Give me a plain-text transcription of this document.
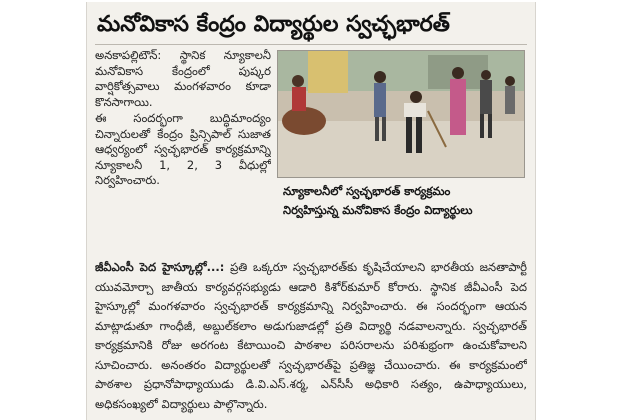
మనోవికాస కేంద్రం విద్యార్థుల స్వచ్ఛభారత్

అనకాపల్లిటౌన్: స్థానిక న్యూకాలనీ మనోవికాస కేంద్రంలో పుష్కర వార్షికోత్సవాలు మంగళవారం కూడా కొనసాగాయి.

ఈ సందర్భంగా బుద్ధిమాంద్యం చిన్నారులతో కేంద్రం ప్రిన్సిపాల్ సుజాత ఆధ్వర్యంలో స్వచ్ఛభారత్ కార్యక్రమాన్ని న్యూకాలనీ 1, 2, 3 వీధుల్లో నిర్వహించారు.

న్యూకాలనీలో స్వచ్ఛభారత్ కార్యక్రమం
నిర్వహిస్తున్న మనోవికాస కేంద్రం విద్యార్థులు
జీవీఎంసీ పెద హైస్కూల్లో...: ప్రతి ఒక్కరూ స్వచ్ఛభారత్‌కు కృషిచేయాలని భారతీయ జనతాపార్టీ యువమోర్చా జాతీయ కార్యవర్గసభ్యుడు ఆడారి కిశోర్‌కుమార్ కోరారు. స్థానిక జీవీఎంసీ పెద హైస్కూల్లో మంగళవారం స్వచ్ఛభారత్ కార్యక్రమాన్ని నిర్వహించారు. ఈ సందర్భంగా ఆయన మాట్లాడుతూ గాంధీజీ, అబ్దుల్‌కలాం అడుగుజాడల్లో ప్రతి విద్యార్థి నడవాలన్నారు. స్వచ్ఛభారత్ కార్యక్రమానికి రోజు అరగంట కేటాయించి పాఠశాల పరిసరాలను పరిశుభ్రంగా ఉంచుకోవాలని సూచించారు. అనంతరం విద్యార్థులతో స్వచ్ఛభారత్‌పై ప్రతిజ్ఞ చేయించారు. ఈ కార్యక్రమంలో పాఠశాల ప్రధానోపాధ్యాయుడు డి.వి.ఎస్.శర్మ, ఎన్‌సీసీ అధికారి సత్యం, ఉపాధ్యాయులు, అధికసంఖ్యలో విద్యార్థులు పాల్గొన్నారు.
